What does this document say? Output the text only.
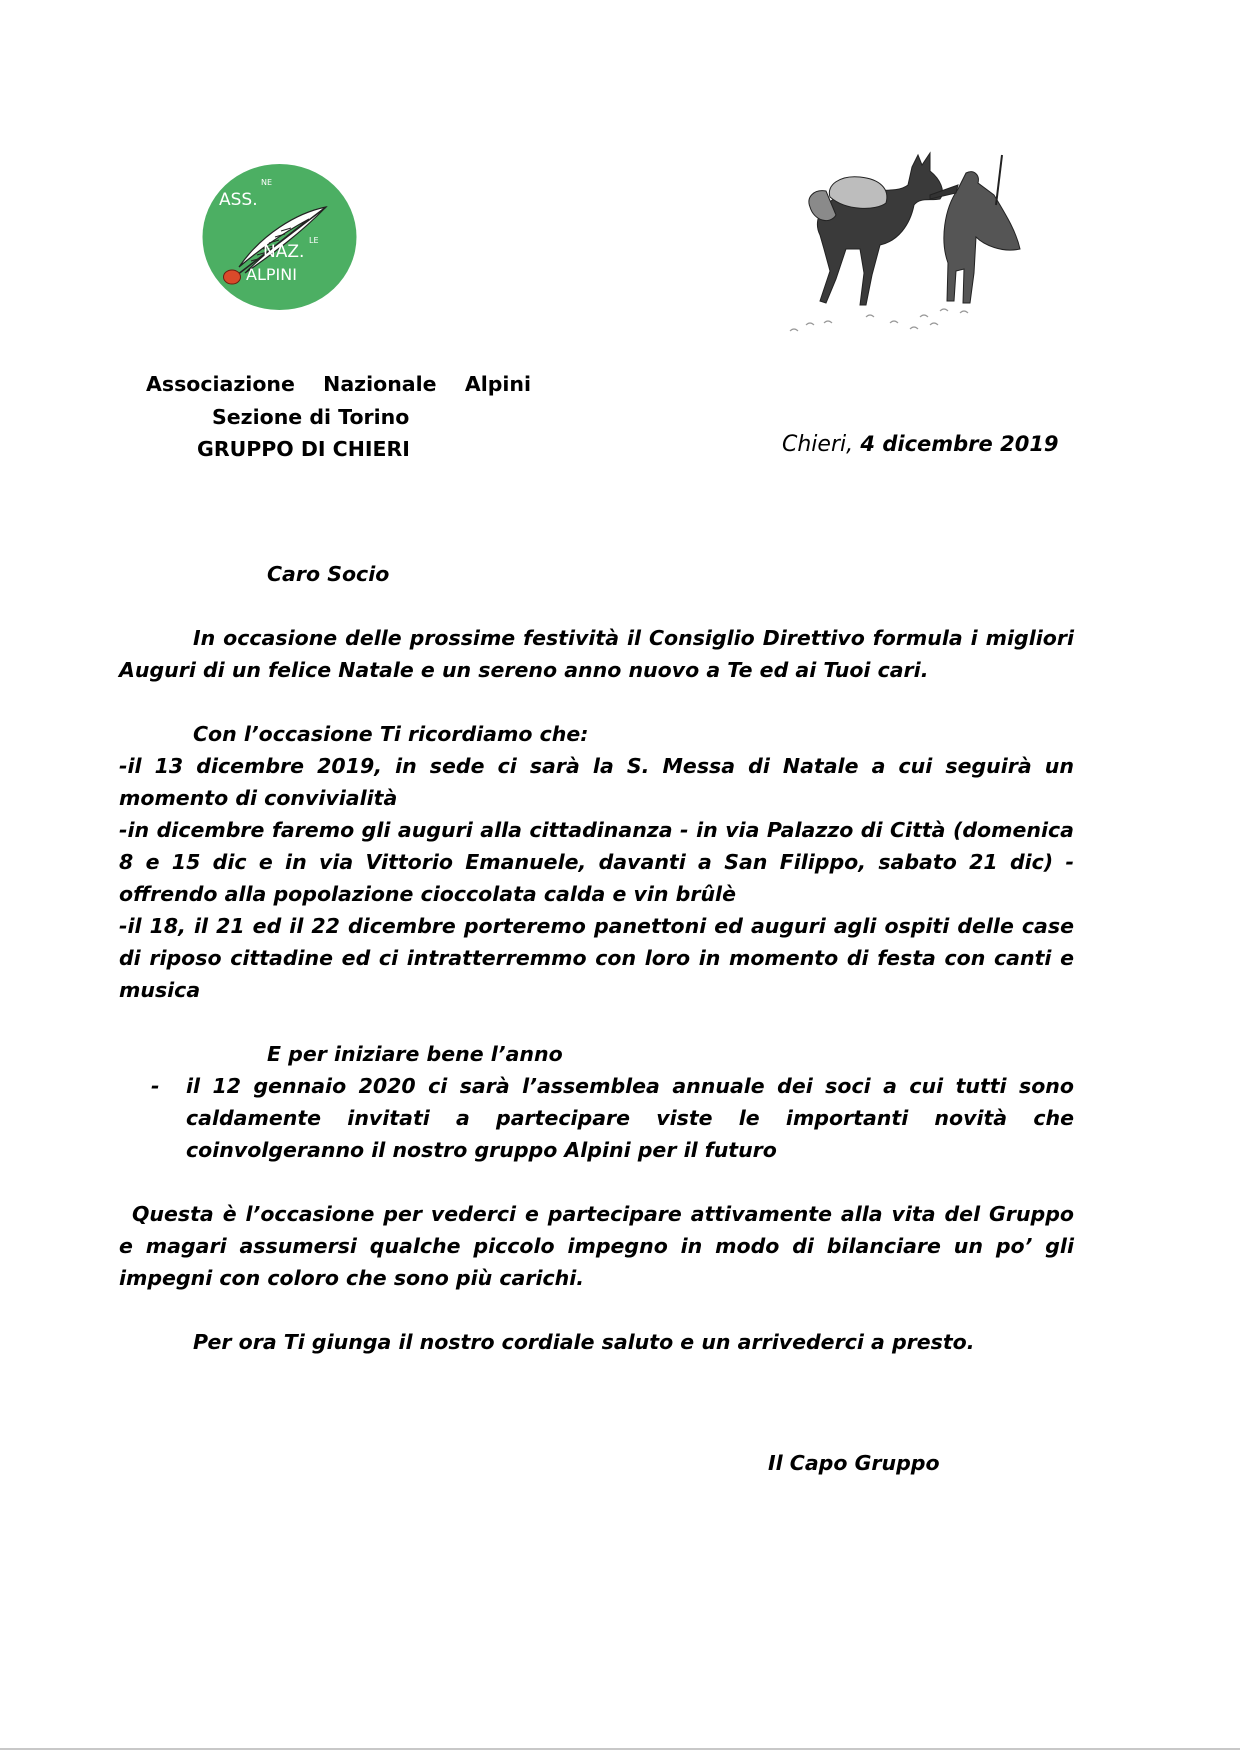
ASS.
NE
NAZ.
LE
ALPINI
Associazione  Nazionale  Alpini
Sezione di Torino
GRUPPO DI CHIERI	Chieri, 4 dicembre 2019

Caro Socio

In occasione delle prossime festività il Consiglio Direttivo formula i migliori Auguri di un felice Natale e un sereno anno nuovo a Te ed ai Tuoi cari.

Con l’occasione Ti ricordiamo che:

-il 13 dicembre 2019, in sede ci sarà la S. Messa di Natale a cui seguirà un momento di convivialità

-in dicembre faremo gli auguri alla cittadinanza - in via Palazzo di Città (domenica 8 e 15 dic e in via Vittorio Emanuele, davanti a San Filippo, sabato 21 dic) - offrendo alla popolazione cioccolata calda e vin brûlè

-il 18, il 21 ed il 22 dicembre porteremo panettoni ed auguri agli ospiti delle case di riposo cittadine ed ci intratterremmo con loro in momento di festa con canti e musica

E per iniziare bene l’anno

- il 12 gennaio 2020 ci sarà l’assemblea annuale dei soci a cui tutti sono caldamente invitati a partecipare viste le importanti novità che coinvolgeranno il nostro gruppo Alpini per il futuro

Questa è l’occasione per vederci e partecipare attivamente alla vita del Gruppo e magari assumersi qualche piccolo impegno in modo di bilanciare un po’ gli impegni con coloro che sono più carichi.

Per ora Ti giunga il nostro cordiale saluto e un arrivederci a presto.

Il Capo Gruppo
